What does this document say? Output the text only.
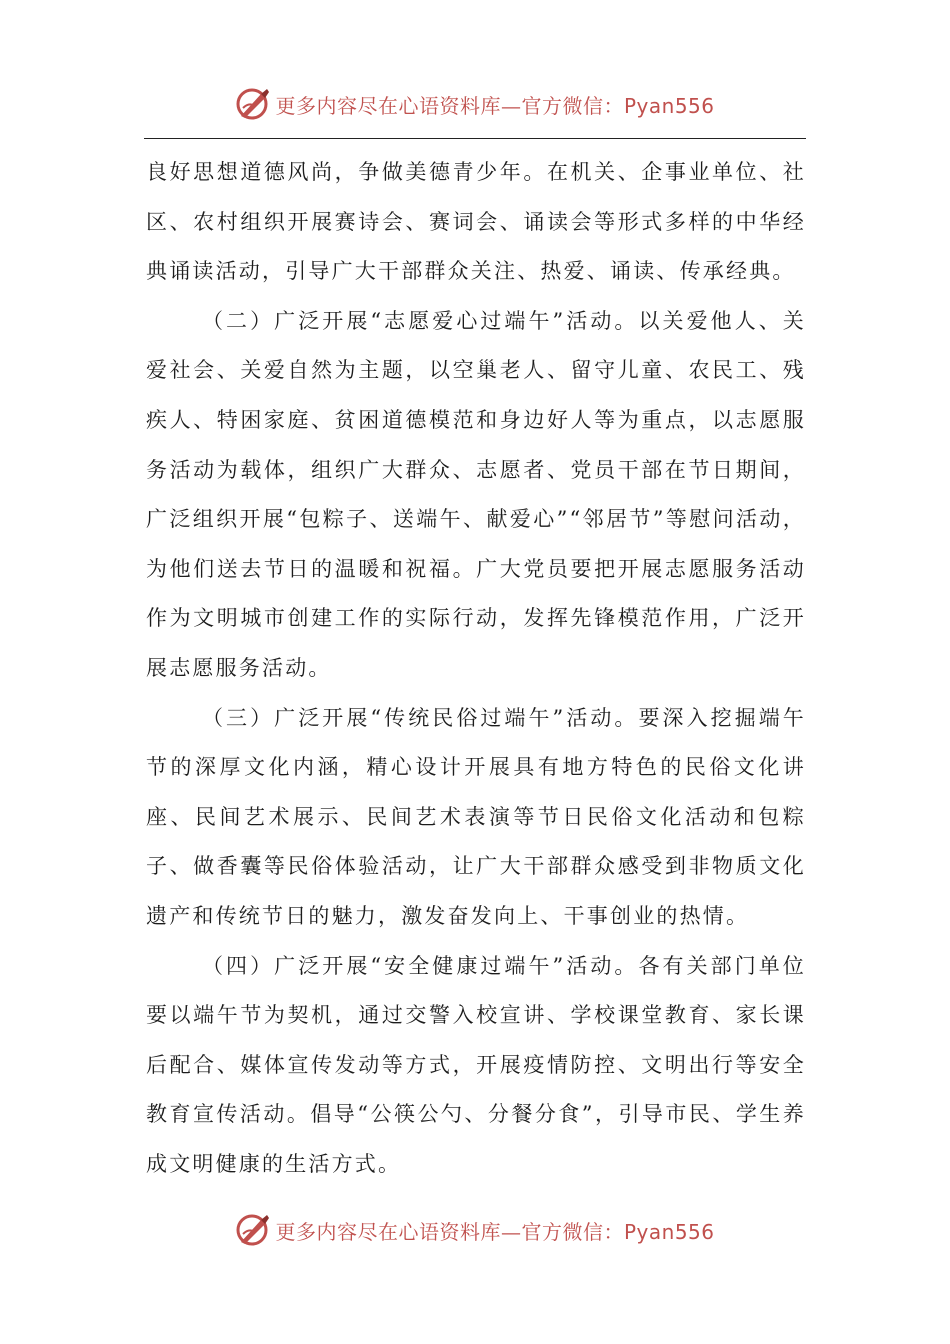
更多内容尽在心语资料库—官方微信：Pyan556

良好思想道德风尚，争做美德青少年。在机关、企事业单位、社区、农村组织开展赛诗会、赛词会、诵读会等形式多样的中华经典诵读活动，引导广大干部群众关注、热爱、诵读、传承经典。

（二）广泛开展“志愿爱心过端午”活动。以关爱他人、关爱社会、关爱自然为主题，以空巢老人、留守儿童、农民工、残疾人、特困家庭、贫困道德模范和身边好人等为重点，以志愿服务活动为载体，组织广大群众、志愿者、党员干部在节日期间，广泛组织开展“包粽子、送端午、献爱心”“邻居节”等慰问活动，为他们送去节日的温暖和祝福。广大党员要把开展志愿服务活动作为文明城市创建工作的实际行动，发挥先锋模范作用，广泛开展志愿服务活动。

（三）广泛开展“传统民俗过端午”活动。要深入挖掘端午节的深厚文化内涵，精心设计开展具有地方特色的民俗文化讲座、民间艺术展示、民间艺术表演等节日民俗文化活动和包粽子、做香囊等民俗体验活动，让广大干部群众感受到非物质文化遗产和传统节日的魅力，激发奋发向上、干事创业的热情。

（四）广泛开展“安全健康过端午”活动。各有关部门单位要以端午节为契机，通过交警入校宣讲、学校课堂教育、家长课后配合、媒体宣传发动等方式，开展疫情防控、文明出行等安全教育宣传活动。倡导“公筷公勺、分餐分食”，引导市民、学生养成文明健康的生活方式。

更多内容尽在心语资料库—官方微信：Pyan556
